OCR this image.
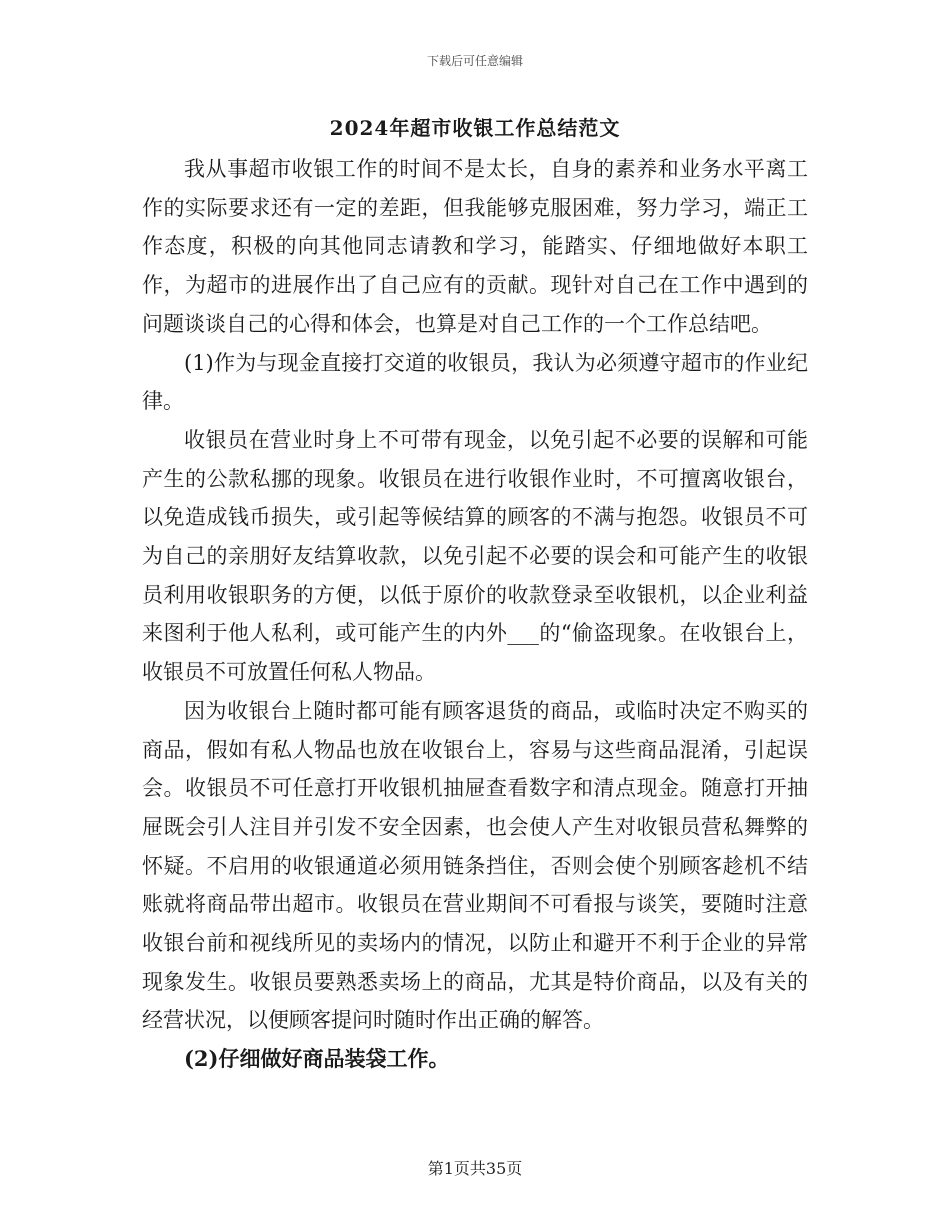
下载后可任意编辑
2024年超市收银工作总结范文

我从事超市收银工作的时间不是太长，自身的素养和业务水平离工作的实际要求还有一定的差距，但我能够克服困难，努力学习，端正工作态度，积极的向其他同志请教和学习，能踏实、仔细地做好本职工作，为超市的进展作出了自己应有的贡献。现针对自己在工作中遇到的问题谈谈自己的心得和体会，也算是对自己工作的一个工作总结吧。

(1)作为与现金直接打交道的收银员，我认为必须遵守超市的作业纪律。

收银员在营业时身上不可带有现金，以免引起不必要的误解和可能产生的公款私挪的现象。收银员在进行收银作业时，不可擅离收银台，以免造成钱币损失，或引起等候结算的顾客的不满与抱怨。收银员不可为自己的亲朋好友结算收款，以免引起不必要的误会和可能产生的收银员利用收银职务的方便，以低于原价的收款登录至收银机，以企业利益来图利于他人私利，或可能产生的内外___的“偷盗现象。在收银台上，收银员不可放置任何私人物品。

因为收银台上随时都可能有顾客退货的商品，或临时决定不购买的商品，假如有私人物品也放在收银台上，容易与这些商品混淆，引起误会。收银员不可任意打开收银机抽屉查看数字和清点现金。随意打开抽屉既会引人注目并引发不安全因素，也会使人产生对收银员营私舞弊的怀疑。不启用的收银通道必须用链条挡住，否则会使个别顾客趁机不结账就将商品带出超市。收银员在营业期间不可看报与谈笑，要随时注意收银台前和视线所见的卖场内的情况，以防止和避开不利于企业的异常现象发生。收银员要熟悉卖场上的商品，尤其是特价商品，以及有关的经营状况，以便顾客提问时随时作出正确的解答。

(2)仔细做好商品装袋工作。

第1页共35页
